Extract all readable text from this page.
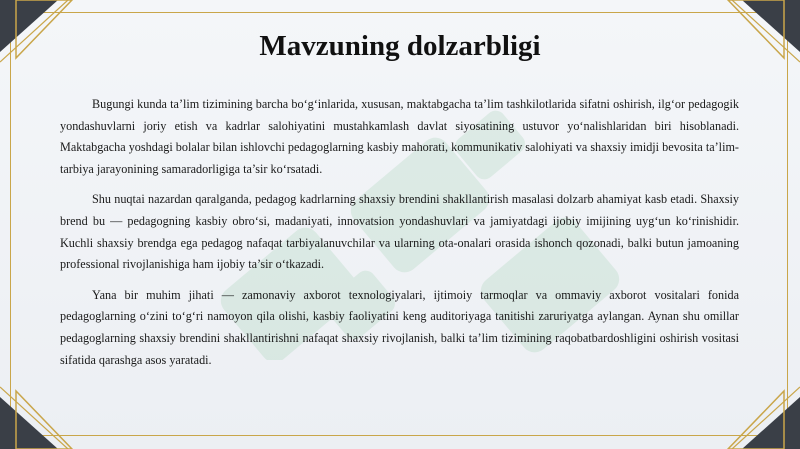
Mavzuning dolzarbligi

Bugungi kunda ta’lim tizimining barcha bo‘g‘inlarida, xususan, maktabgacha ta’lim tashkilotlarida sifatni oshirish, ilg‘or pedagogik yondashuvlarni joriy etish va kadrlar salohiyatini mustahkamlash davlat siyosatining ustuvor yo‘nalishlaridan biri hisoblanadi. Maktabgacha yoshdagi bolalar bilan ishlovchi pedagoglarning kasbiy mahorati, kommunikativ salohiyati va shaxsiy imidji bevosita ta’lim-tarbiya jarayonining samaradorligiga ta’sir ko‘rsatadi.

Shu nuqtai nazardan qaralganda, pedagog kadrlarning shaxsiy brendini shakllantirish masalasi dolzarb ahamiyat kasb etadi. Shaxsiy brend bu — pedagogning kasbiy obro‘si, madaniyati, innovatsion yondashuvlari va jamiyatdagi ijobiy imijining uyg‘un ko‘rinishidir. Kuchli shaxsiy brendga ega pedagog nafaqat tarbiyalanuvchilar va ularning ota-onalari orasida ishonch qozonadi, balki butun jamoaning professional rivojlanishiga ham ijobiy ta’sir o‘tkazadi.

Yana bir muhim jihati — zamonaviy axborot texnologiyalari, ijtimoiy tarmoqlar va ommaviy axborot vositalari fonida pedagoglarning o‘zini to‘g‘ri namoyon qila olishi, kasbiy faoliyatini keng auditoriyaga tanitishi zaruriyatga aylangan. Aynan shu omillar pedagoglarning shaxsiy brendini shakllantirishni nafaqat shaxsiy rivojlanish, balki ta’lim tizimining raqobatbardoshligini oshirish vositasi sifatida qarashga asos yaratadi.
